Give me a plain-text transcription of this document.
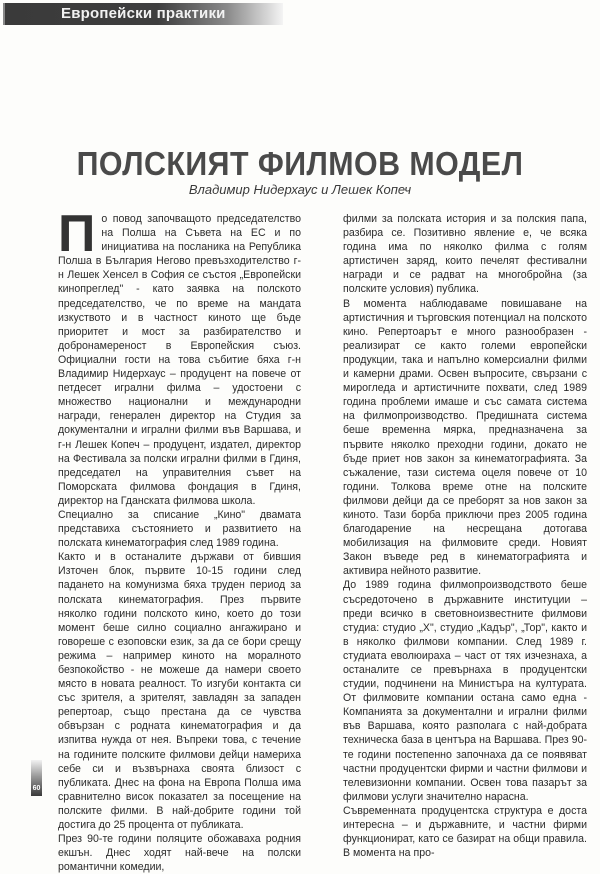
Европейски практики
ПОЛСКИЯТ ФИЛМОВ МОДЕЛ
Владимир Нидерхаус и Лешек Копеч

По повод започващото председателство на Полша на Съвета на ЕС и по инициатива на посланика на Република Полша в България Негово превъзходителство г-н Лешек Хенсел в София се състоя „Европейски кинопреглед" - като заявка на полското председателство, че по време на мандата изкуството и в частност киното ще бъде приоритет и мост за разбирателство и добронамереност в Европейския съюз. Официални гости на това събитие бяха г-н Владимир Нидерхаус – продуцент на повече от петдесет игрални филма – удостоени с множество национални и международни награди, генерален директор на Студия за документални и игрални филми във Варшава, и г-н Лешек Копеч – продуцент, издател, директор на Фестивала за полски игрални филми в Гдиня, председател на управителния съвет на Поморската филмова фондация в Гдиня, директор на Гданската филмова школа.

Специално за списание „Кино" двамата представиха състоянието и развитието на полската кинематография след 1989 година.

Както и в останалите държави от бившия Източен блок, първите 10-15 години след падането на комунизма бяха труден период за полската кинематография. През първите няколко години полското кино, което до този момент беше силно социално ангажирано и говореше с езоповски език, за да се бори срещу режима – например киното на моралното безпокойство - не можеше да намери своето място в новата реалност. То изгуби контакта си със зрителя, а зрителят, завладян за западен репертоар, също престана да се чувства обвързан с родната кинематография и да изпитва нужда от нея. Въпреки това, с течение на годините полските филмови дейци намериха себе си и възвърнаха своята близост с публиката. Днес на фона на Европа Полша има сравнително висок показател за посещение на полските филми. В най-добрите години той достига до 25 процента от публиката.

През 90-те години поляците обожаваха родния екшън. Днес ходят най-вече на полски романтични комедии,

филми за полската история и за полския папа, разбира се. Позитивно явление е, че всяка година има по няколко филма с голям артистичен заряд, които печелят фестивални награди и се радват на многобройна (за полските условия) публика.

В момента наблюдаваме повишаване на артистичния и търговския потенциал на полското кино. Репертоарът е много разнообразен - реализират се както големи европейски продукции, така и напълно комерсиални филми и камерни драми. Освен въпросите, свързани с мирогледа и артистичните похвати, след 1989 година проблеми имаше и със самата система на филмопроизводство. Предишната система беше временна мярка, предназначена за първите няколко преходни години, докато не бъде приет нов закон за кинематографията. За съжаление, тази система оцеля повече от 10 години. Толкова време отне на полските филмови дейци да се преборят за нов закон за киното. Тази борба приключи през 2005 година благодарение на несрещана дотогава мобилизация на филмовите среди. Новият Закон въведе ред в кинематографията и активира нейното развитие.

До 1989 година филмопроизводството беше съсредоточено в държавните институции – преди всичко в световноизвестните филмови студиа: студио „X", студио „Кадър", „Тор", както и в няколко филмови компании. След 1989 г. студиата еволюираха – част от тях изчезнаха, а останалите се превърнаха в продуцентски студии, подчинени на Министъра на културата. От филмовите компании остана само една - Компанията за документални и игрални филми във Варшава, която разполага с най-добрата техническа база в центъра на Варшава. През 90-те години постепенно започнаха да се появяват частни продуцентски фирми и частни филмови и телевизионни компании. Освен това пазарът за филмови услуги значително нарасна.

Съвременната продуцентска структура е доста интересна – и държавните, и частни фирми функционират, като се базират на общи правила. В момента на про-

60
